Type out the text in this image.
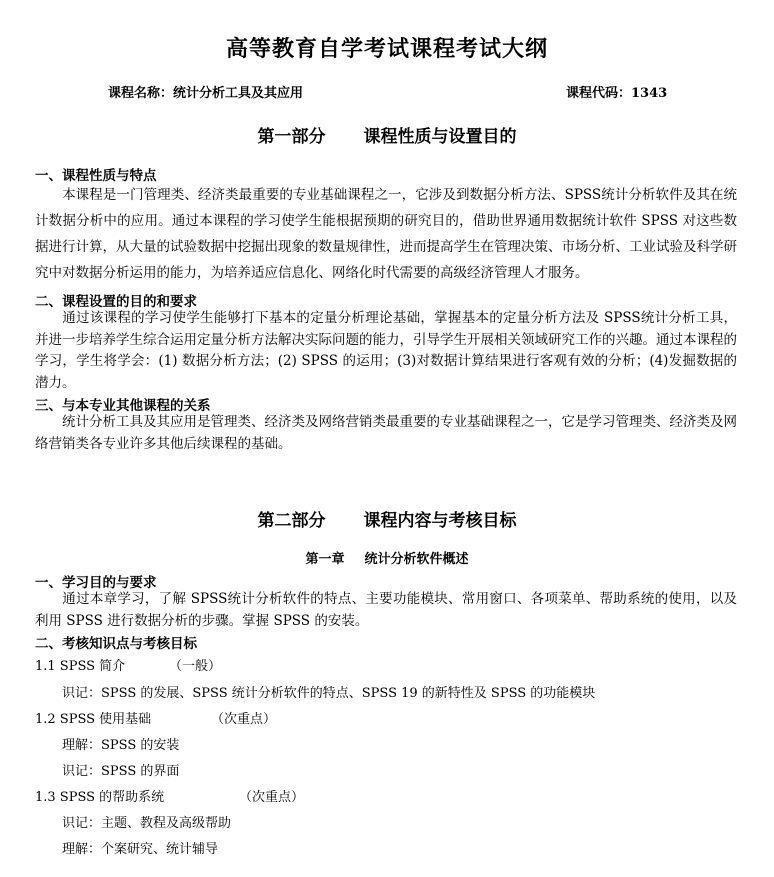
高等教育自学考试课程考试大纲
课程名称：统计分析工具及其应用	课程代码：1343
第一部分 课程性质与设置目的
一、课程性质与特点
本课程是一门管理类、经济类最重要的专业基础课程之一，它涉及到数据分析方法、SPSS统计分析软件及其在统计数据分析中的应用。通过本课程的学习使学生能根据预期的研究目的，借助世界通用数据统计软件 SPSS 对这些数据进行计算，从大量的试验数据中挖掘出现象的数量规律性，进而提高学生在管理决策、市场分析、工业试验及科学研究中对数据分析运用的能力，为培养适应信息化、网络化时代需要的高级经济管理人才服务。
二、课程设置的目的和要求
通过该课程的学习使学生能够打下基本的定量分析理论基础，掌握基本的定量分析方法及 SPSS统计分析工具，并进一步培养学生综合运用定量分析方法解决实际问题的能力，引导学生开展相关领域研究工作的兴趣。通过本课程的学习，学生将学会：(1) 数据分析方法；(2) SPSS 的运用；(3)对数据计算结果进行客观有效的分析；(4)发掘数据的潜力。
三、与本专业其他课程的关系
统计分析工具及其应用是管理类、经济类及网络营销类最重要的专业基础课程之一，它是学习管理类、经济类及网络营销类各专业许多其他后续课程的基础。
第二部分 课程内容与考核目标
第一章 统计分析软件概述
一、学习目的与要求
通过本章学习，了解 SPSS统计分析软件的特点、主要功能模块、常用窗口、各项菜单、帮助系统的使用，以及利用 SPSS 进行数据分析的步骤。掌握 SPSS 的安装。
二、考核知识点与考核目标
1.1 SPSS 简介	（一般）
识记：SPSS 的发展、SPSS 统计分析软件的特点、SPSS 19 的新特性及 SPSS 的功能模块
1.2 SPSS 使用基础	（次重点）
理解：SPSS 的安装
识记：SPSS 的界面
1.3 SPSS 的帮助系统	（次重点）
识记：主题、教程及高级帮助
理解：个案研究、统计辅导
